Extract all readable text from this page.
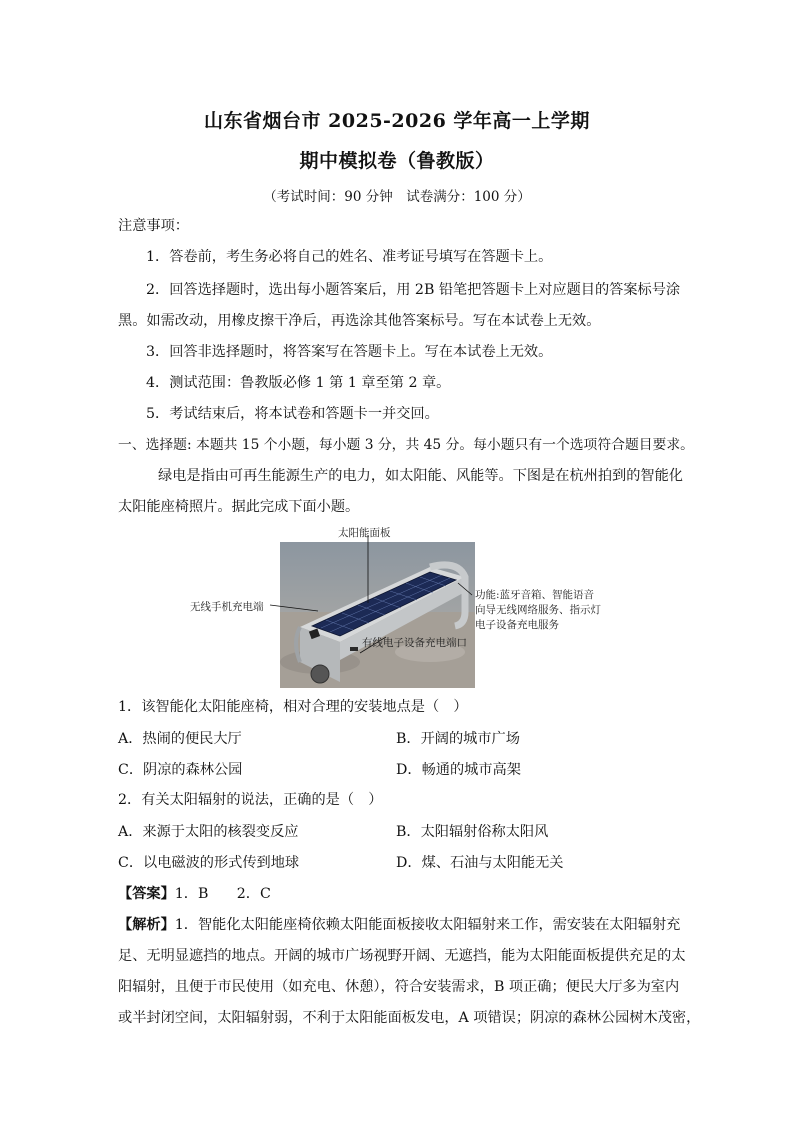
山东省烟台市 2025-2026 学年高一上学期
期中模拟卷（鲁教版）
（考试时间：90 分钟　试卷满分：100 分）
注意事项：
1．答卷前，考生务必将自己的姓名、准考证号填写在答题卡上。
2．回答选择题时，选出每小题答案后，用 2B 铅笔把答题卡上对应题目的答案标号涂
黑。如需改动，用橡皮擦干净后，再选涂其他答案标号。写在本试卷上无效。
3．回答非选择题时，将答案写在答题卡上。写在本试卷上无效。
4．测试范围：鲁教版必修 1 第 1 章至第 2 章。
5．考试结束后，将本试卷和答题卡一并交回。
一、选择题: 本题共 15 个小题，每小题 3 分，共 45 分。每小题只有一个选项符合题目要求。
绿电是指由可再生能源生产的电力，如太阳能、风能等。下图是在杭州拍到的智能化
太阳能座椅照片。据此完成下面小题。
太阳能面板
无线手机充电端
功能:蓝牙音箱、智能语音
向导无线网络服务、指示灯
电子设备充电服务
有线电子设备充电端口
1．该智能化太阳能座椅，相对合理的安装地点是（　）
A．热闹的便民大厅	B．开阔的城市广场
C．阴凉的森林公园	D．畅通的城市高架
2．有关太阳辐射的说法，正确的是（　）
A．来源于太阳的核裂变反应	B．太阳辐射俗称太阳风
C．以电磁波的形式传到地球	D．煤、石油与太阳能无关
【答案】1．B　　2．C
【解析】1．智能化太阳能座椅依赖太阳能面板接收太阳辐射来工作，需安装在太阳辐射充
足、无明显遮挡的地点。开阔的城市广场视野开阔、无遮挡，能为太阳能面板提供充足的太
阳辐射，且便于市民使用（如充电、休憩），符合安装需求，B 项正确；便民大厅多为室内
或半封闭空间，太阳辐射弱，不利于太阳能面板发电，A 项错误；阴凉的森林公园树木茂密，
